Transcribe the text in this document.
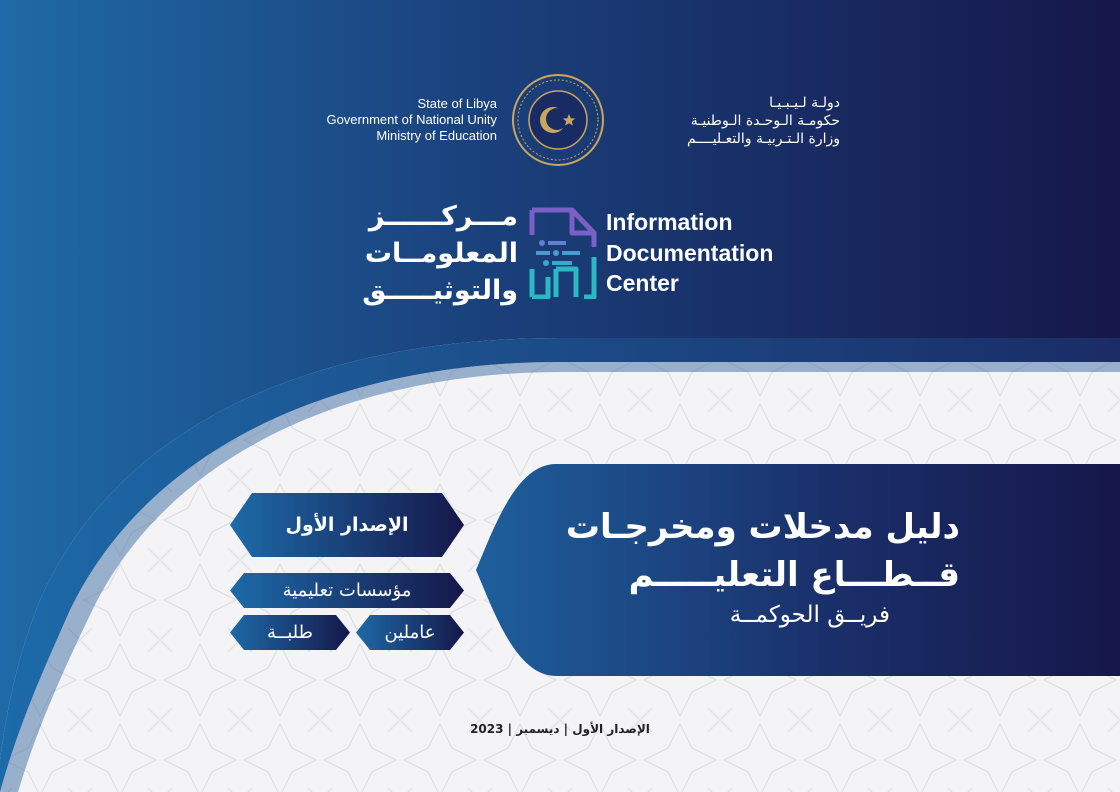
State of Libya
Government of National Unity
Ministry of Education
دولـة لـيـبـيـا
حكومـة الـوحـدة الـوطنيـة
وزارة الـتـربيـة والتعـليــــم
Information
Documentation
Center
مـــركــــــز
المعلومــات
والتوثيـــــق
دليل مدخلات ومخرجـات
قــطـــاع التعليـــــم
فريــق الحوكمــة
الإصدار الأول
مؤسسات تعليمية
عاملين
طلبــة
الإصدار الأول | ديسمبر | 2023
